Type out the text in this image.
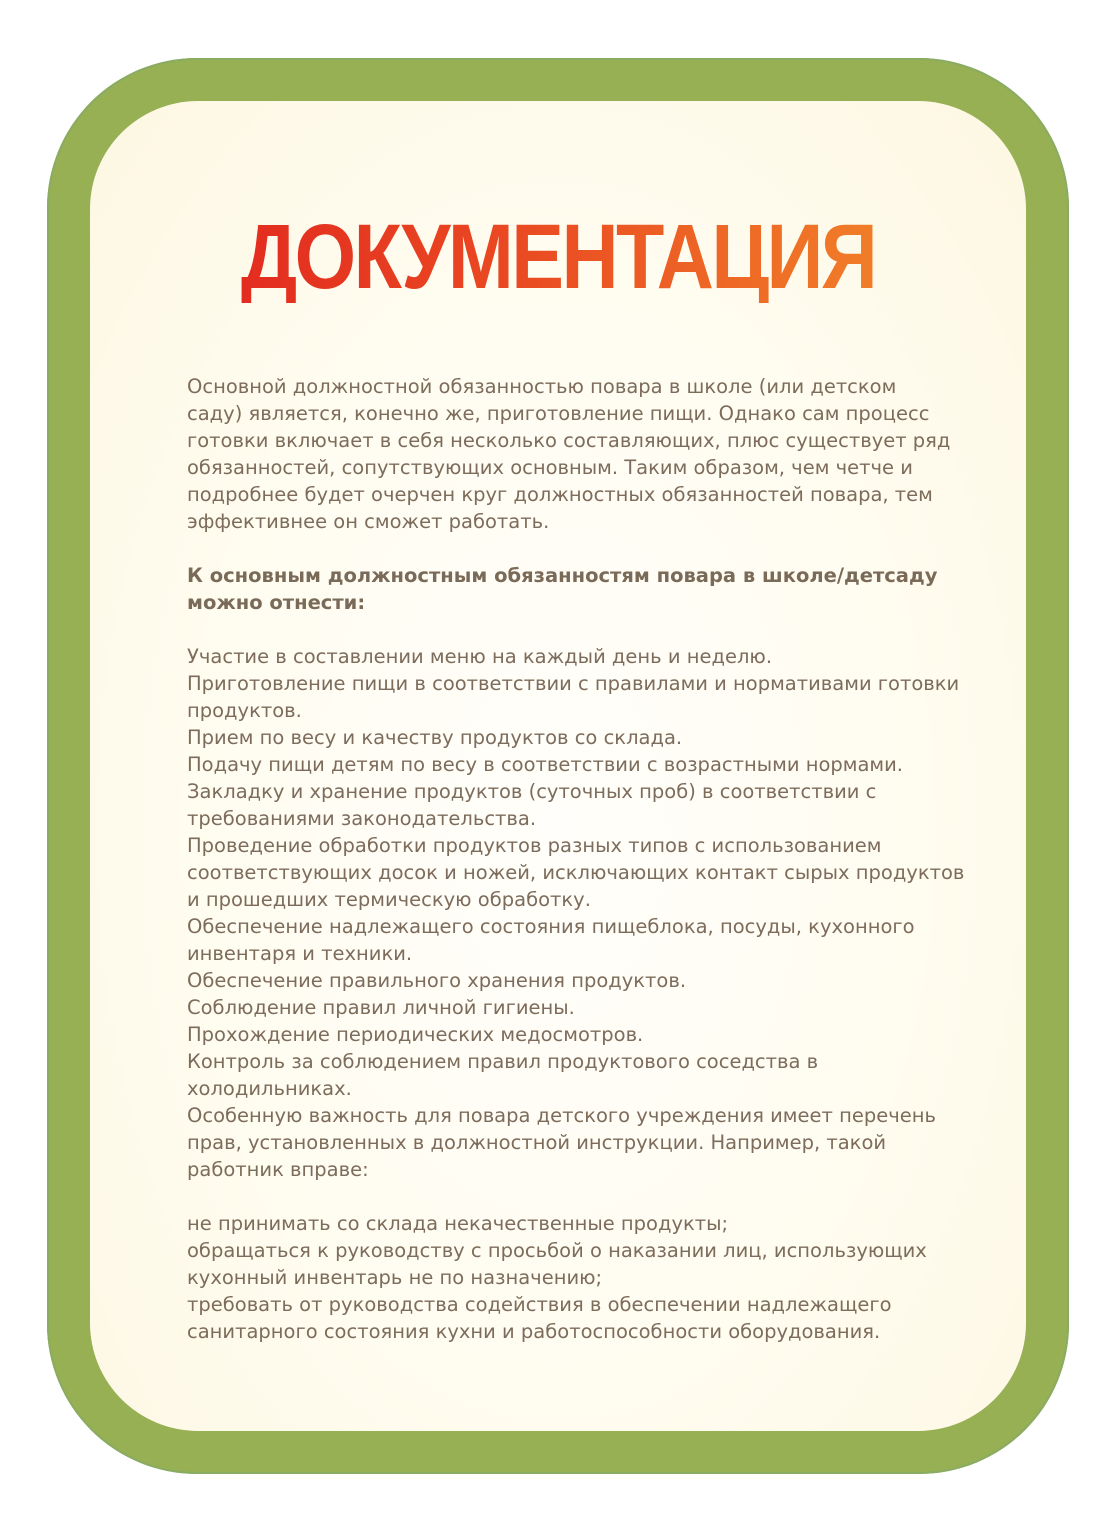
ДОКУМЕНТАЦИЯ

Основной должностной обязанностью повара в школе (или детском

саду) является, конечно же, приготовление пищи. Однако сам процесс

готовки включает в себя несколько составляющих, плюс существует ряд

обязанностей, сопутствующих основным. Таким образом, чем четче и

подробнее будет очерчен круг должностных обязанностей повара, тем

эффективнее он сможет работать.

К основным должностным обязанностям повара в школе/детсаду

можно отнести:

Участие в составлении меню на каждый день и неделю.

Приготовление пищи в соответствии с правилами и нормативами готовки

продуктов.

Прием по весу и качеству продуктов со склада.

Подачу пищи детям по весу в соответствии с возрастными нормами.

Закладку и хранение продуктов (суточных проб) в соответствии с

требованиями законодательства.

Проведение обработки продуктов разных типов с использованием

соответствующих досок и ножей, исключающих контакт сырых продуктов

и прошедших термическую обработку.

Обеспечение надлежащего состояния пищеблока, посуды, кухонного

инвентаря и техники.

Обеспечение правильного хранения продуктов.

Соблюдение правил личной гигиены.

Прохождение периодических медосмотров.

Контроль за соблюдением правил продуктового соседства в

холодильниках.

Особенную важность для повара детского учреждения имеет перечень

прав, установленных в должностной инструкции. Например, такой

работник вправе:

не принимать со склада некачественные продукты;

обращаться к руководству с просьбой о наказании лиц, использующих

кухонный инвентарь не по назначению;

требовать от руководства содействия в обеспечении надлежащего

санитарного состояния кухни и работоспособности оборудования.
